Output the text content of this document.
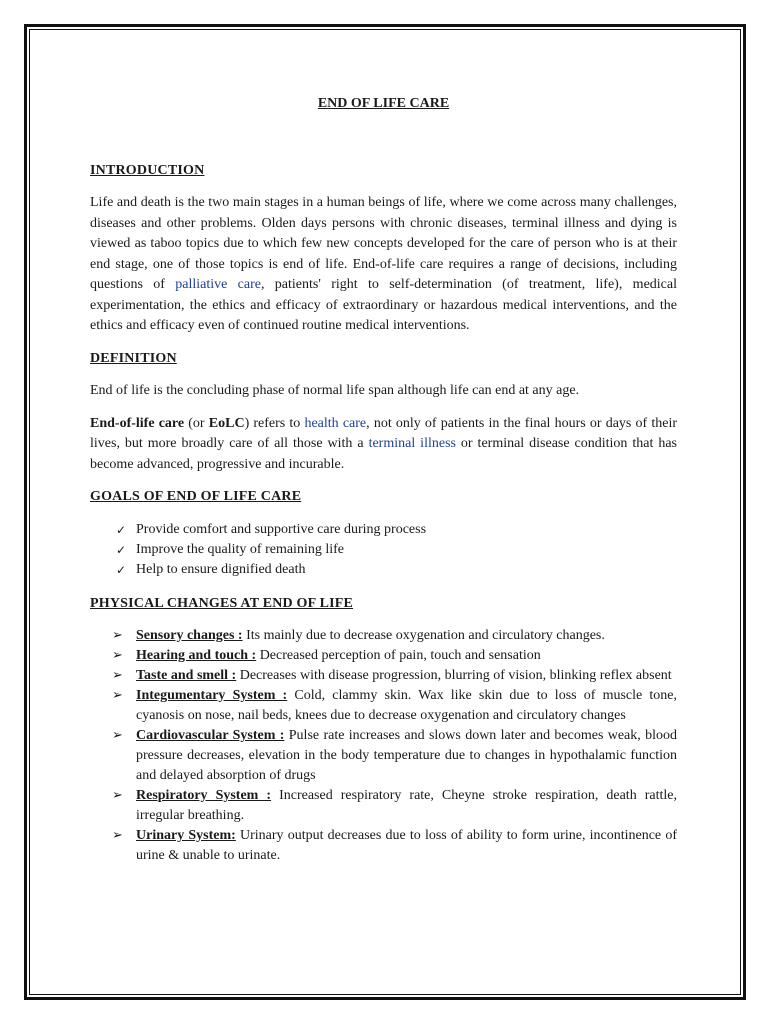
END OF LIFE CARE
INTRODUCTION

Life and death is the two main stages in a human beings of life, where we come across many challenges, diseases and other problems. Olden days persons with chronic diseases, terminal illness and dying is viewed as taboo topics due to which few new concepts developed for the care of person who is at their end stage, one of those topics is end of life. End-of-life care requires a range of decisions, including questions of palliative care, patients' right to self-determination (of treatment, life), medical experimentation, the ethics and efficacy of extraordinary or hazardous medical interventions, and the ethics and efficacy even of continued routine medical interventions.

DEFINITION

End of life is the concluding phase of normal life span although life can end at any age.

End-of-life care (or EoLC) refers to health care, not only of patients in the final hours or days of their lives, but more broadly care of all those with a terminal illness or terminal disease condition that has become advanced, progressive and incurable.

GOALS OF END OF LIFE CARE
✓ Provide comfort and supportive care during process
✓ Improve the quality of remaining life
✓ Help to ensure dignified death
PHYSICAL CHANGES AT END OF LIFE
➢ Sensory changes : Its mainly due to decrease oxygenation and circulatory changes.
➢ Hearing and touch : Decreased perception of pain, touch and sensation
➢ Taste and smell : Decreases with disease progression, blurring of vision, blinking reflex absent
➢ Integumentary System : Cold, clammy skin. Wax like skin due to loss of muscle tone, cyanosis on nose, nail beds, knees due to decrease oxygenation and circulatory changes
➢ Cardiovascular System : Pulse rate increases and slows down later and becomes weak, blood pressure decreases, elevation in the body temperature due to changes in hypothalamic function and delayed absorption of drugs
➢ Respiratory System : Increased respiratory rate, Cheyne stroke respiration, death rattle, irregular breathing.
➢ Urinary System: Urinary output decreases due to loss of ability to form urine, incontinence of urine & unable to urinate.
